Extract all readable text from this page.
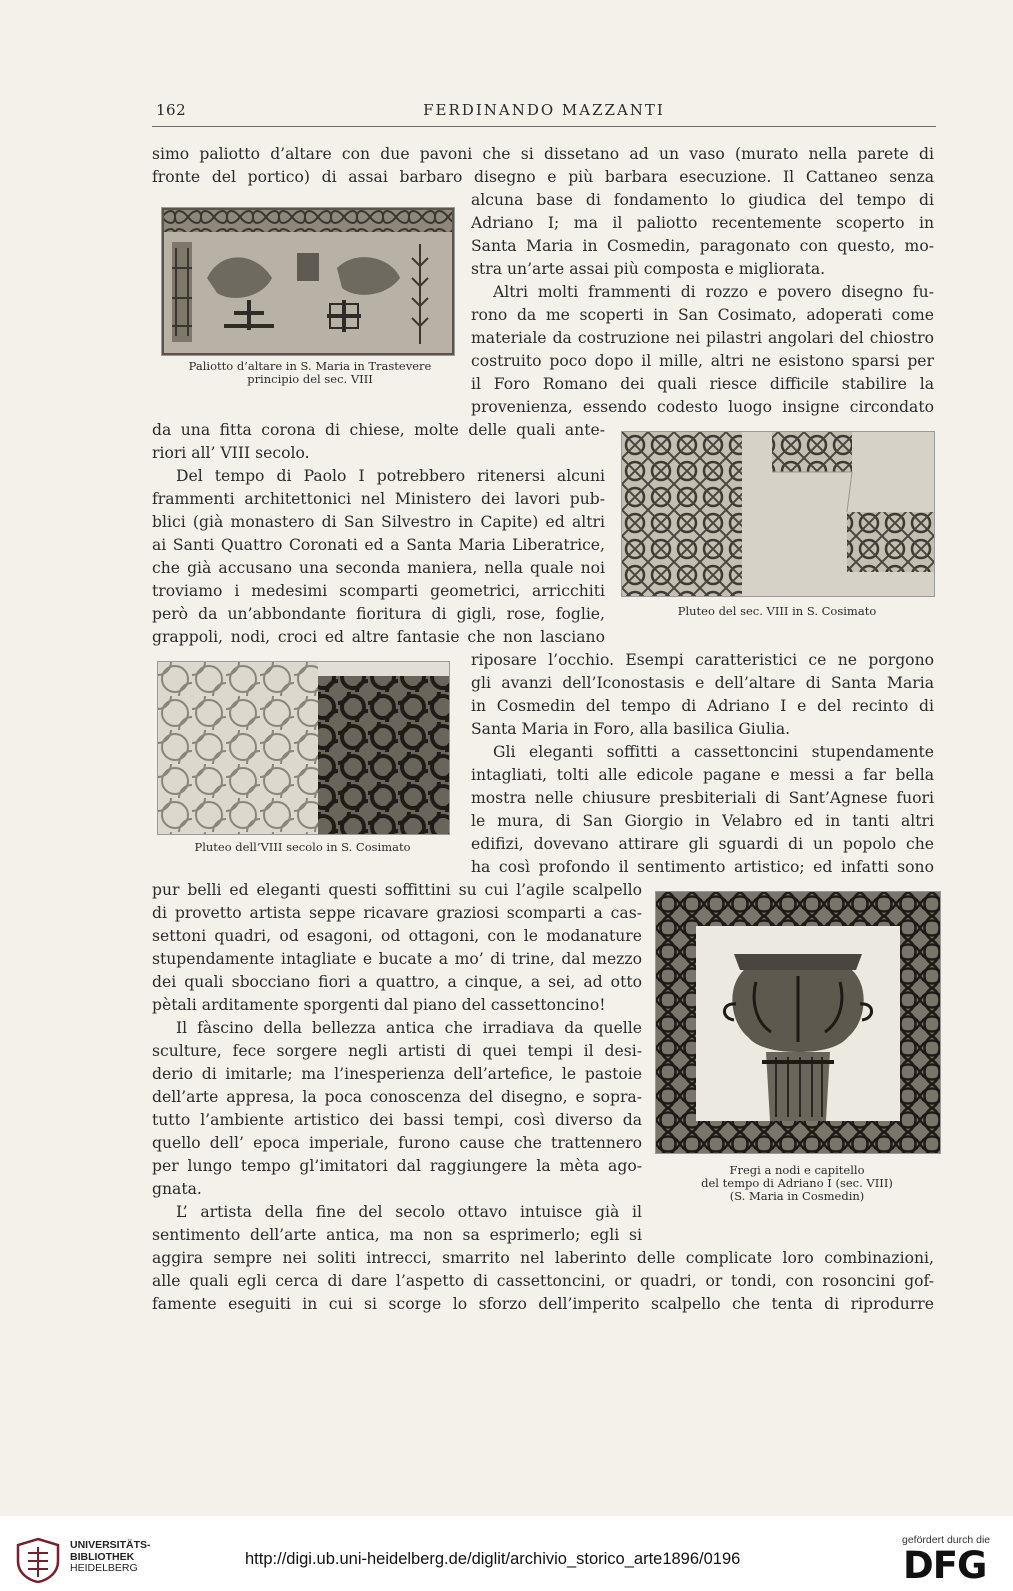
162	FERDINANDO MAZZANTI
simo paliotto d’altare con due pavoni che si dissetano ad un vaso (murato nella parete di
fronte del portico) di assai barbaro disegno e più barbara esecuzione. Il Cattaneo senza
alcuna base di fondamento lo giudica del tempo di
Adriano I; ma il paliotto recentemente scoperto in
Santa Maria in Cosmedin, paragonato con questo, mo-
stra un’arte assai più composta e migliorata.
Altri molti frammenti di rozzo e povero disegno fu-
rono da me scoperti in San Cosimato, adoperati come
materiale da costruzione nei pilastri angolari del chiostro
costruito poco dopo il mille, altri ne esistono sparsi per
il Foro Romano dei quali riesce difficile stabilire la
provenienza, essendo codesto luogo insigne circondato
da una fitta corona di chiese, molte delle quali ante-
riori all’ VIII secolo.
Del tempo di Paolo I potrebbero ritenersi alcuni
frammenti architettonici nel Ministero dei lavori pub-
blici (già monastero di San Silvestro in Capite) ed altri
ai Santi Quattro Coronati ed a Santa Maria Liberatrice,
che già accusano una seconda maniera, nella quale noi
troviamo i medesimi scomparti geometrici, arricchiti
però da un’abbondante fioritura di gigli, rose, foglie,
grappoli, nodi, croci ed altre fantasie che non lasciano
riposare l’occhio. Esempi caratteristici ce ne porgono
gli avanzi dell’Iconostasis e dell’altare di Santa Maria
in Cosmedin del tempo di Adriano I e del recinto di
Santa Maria in Foro, alla basilica Giulia.
Gli eleganti soffitti a cassettoncini stupendamente
intagliati, tolti alle edicole pagane e messi a far bella
mostra nelle chiusure presbiteriali di Sant’Agnese fuori
le mura, di San Giorgio in Velabro ed in tanti altri
edifizi, dovevano attirare gli sguardi di un popolo che
ha così profondo il sentimento artistico; ed infatti sono
pur belli ed eleganti questi soffittini su cui l’agile scalpello
di provetto artista seppe ricavare graziosi scomparti a cas-
settoni quadri, od esagoni, od ottagoni, con le modanature
stupendamente intagliate e bucate a mo’ di trine, dal mezzo
dei quali sbocciano fiori a quattro, a cinque, a sei, ad otto
pètali arditamente sporgenti dal piano del cassettoncino!
Il fàscino della bellezza antica che irradiava da quelle
sculture, fece sorgere negli artisti di quei tempi il desi-
derio di imitarle; ma l’inesperienza dell’artefice, le pastoie
dell’arte appresa, la poca conoscenza del disegno, e sopra-
tutto l’ambiente artistico dei bassi tempi, così diverso da
quello dell’ epoca imperiale, furono cause che trattennero
per lungo tempo gl’imitatori dal raggiungere la mèta ago-
gnata.
L’ artista della fine del secolo ottavo intuisce già il
sentimento dell’arte antica, ma non sa esprimerlo; egli si
aggira sempre nei soliti intrecci, smarrito nel laberinto delle complicate loro combinazioni,
alle quali egli cerca di dare l’aspetto di cassettoncini, or quadri, or tondi, con rosoncini gof-
famente eseguiti in cui si scorge lo sforzo dell’imperito scalpello che tenta di riprodurre
Paliotto d’altare in S. Maria in Trastevere
principio del sec. VIII
Pluteo del sec. VIII in S. Cosimato
Pluteo dell’VIII secolo in S. Cosimato
Fregi a nodi e capitello
del tempo di Adriano I (sec. VIII)
(S. Maria in Cosmedin)
UNIVERSITÄTS-
BIBLIOTHEK
HEIDELBERG	http://digi.ub.uni-heidelberg.de/diglit/archivio_storico_arte1896/0196
gefördert durch die
DFG
